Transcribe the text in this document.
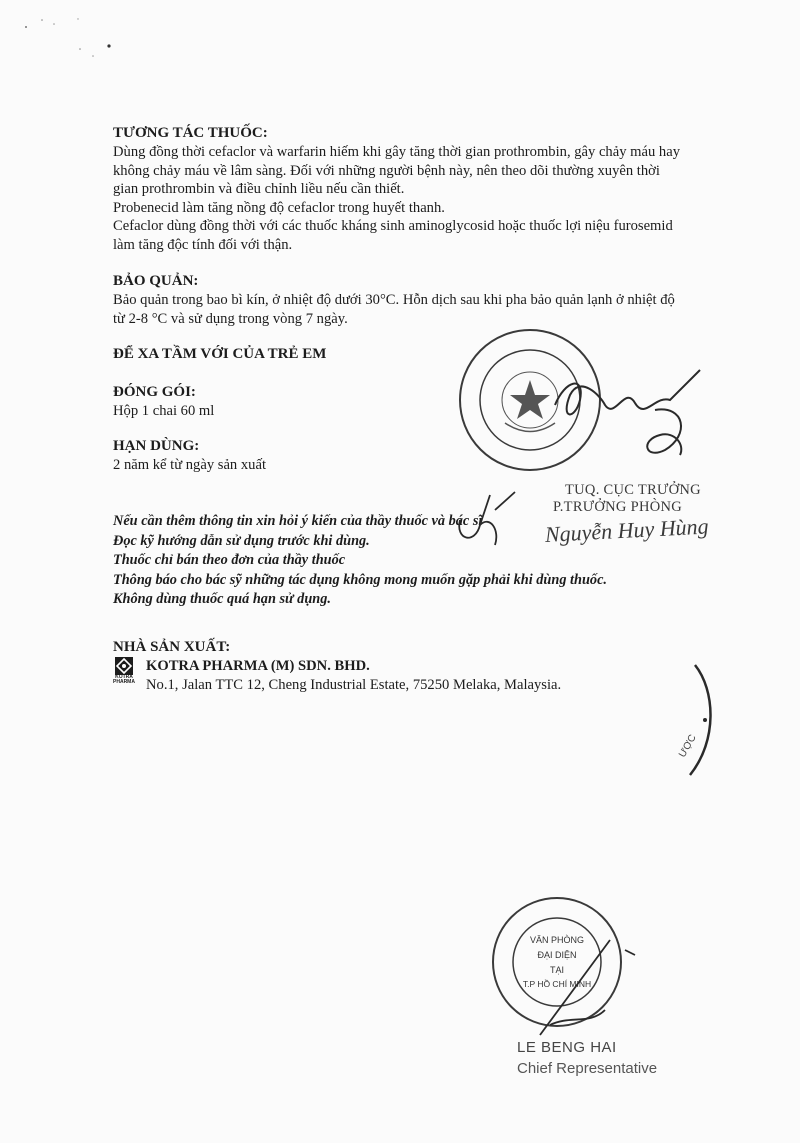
TƯƠNG TÁC THUỐC:

Dùng đồng thời cefaclor và warfarin hiếm khi gây tăng thời gian prothrombin, gây chảy máu hay

không chảy máu về lâm sàng. Đối với những người bệnh này, nên theo dõi thường xuyên thời

gian prothrombin và điều chỉnh liều nếu cần thiết.

Probenecid làm tăng nồng độ cefaclor trong huyết thanh.

Cefaclor dùng đồng thời với các thuốc kháng sinh aminoglycosid hoặc thuốc lợi niệu furosemid

làm tăng độc tính đối với thận.

BẢO QUẢN:

Bảo quản trong bao bì kín, ở nhiệt độ dưới 30°C. Hỗn dịch sau khi pha bảo quản lạnh ở nhiệt độ

từ 2-8 °C và sử dụng trong vòng 7 ngày.

ĐỂ XA TẦM VỚI CỦA TRẺ EM

ĐÓNG GÓI:

Hộp 1 chai 60 ml

HẠN DÙNG:

2 năm kể từ ngày sản xuất

TUQ. CỤC TRƯỞNG

P.TRƯỞNG PHÒNG

Nguyễn Huy Hùng

Nếu cần thêm thông tin xin hỏi ý kiến của thầy thuốc và bác sĩ

Đọc kỹ hướng dẫn sử dụng trước khi dùng.

Thuốc chỉ bán theo đơn của thầy thuốc

Thông báo cho bác sỹ những tác dụng không mong muốn gặp phải khi dùng thuốc.

Không dùng thuốc quá hạn sử dụng.

NHÀ SẢN XUẤT:

KOTRA PHARMA
KOTRA PHARMA (M) SDN. BHD.
No.1, Jalan TTC 12, Cheng Industrial Estate, 75250 Melaka, Malaysia.
ƯỢC
VĂN PHÒNG
ĐẠI DIỆN
TẠI
T.P HỒ CHÍ MINH

LE BENG HAI

Chief Representative
